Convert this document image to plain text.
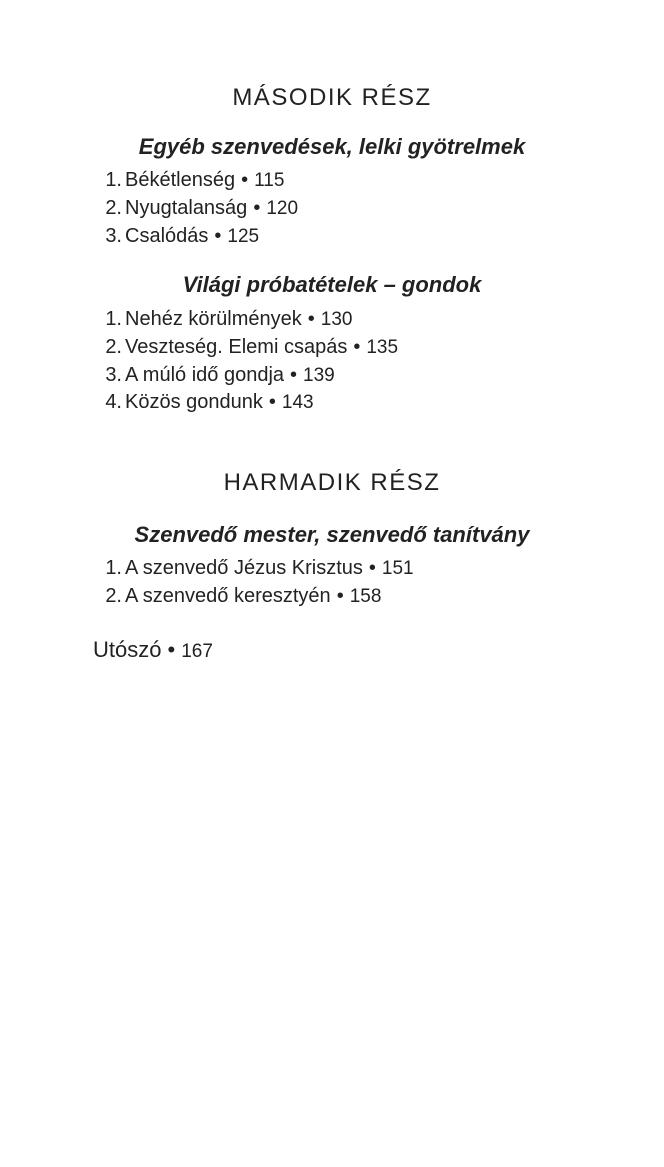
MÁSODIK RÉSZ
Egyéb szenvedések, lelki gyötrelmek
1. Békétlenség • 115
2. Nyugtalanság • 120
3. Csalódás • 125
Világi próbatételek – gondok
1. Nehéz körülmények • 130
2. Veszteség. Elemi csapás • 135
3. A múló idő gondja • 139
4. Közös gondunk • 143
HARMADIK RÉSZ
Szenvedő mester, szenvedő tanítvány
1. A szenvedő Jézus Krisztus • 151
2. A szenvedő keresztyén • 158
Utószó • 167
